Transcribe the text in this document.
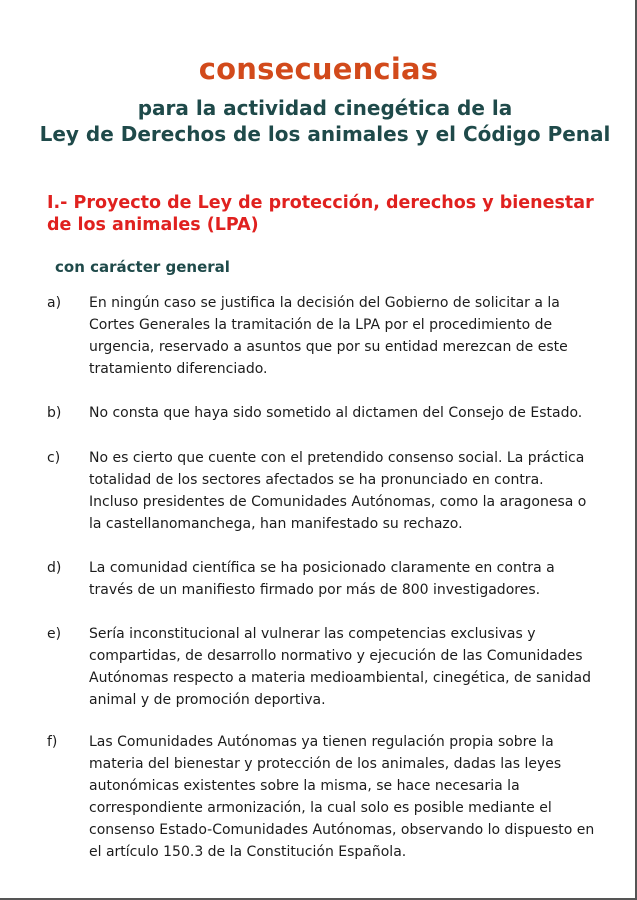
consecuencias
para la actividad cinegética de la
Ley de Derechos de los animales y el Código Penal
I.- Proyecto de Ley de protección, derechos y bienestar de los animales (LPA)
con carácter general
a)	En ningún caso se justifica la decisión del Gobierno de solicitar a la Cortes Generales la tramitación de la LPA por el procedimiento de urgencia, reservado a asuntos que por su entidad merezcan de este tratamiento diferenciado.
b)	No consta que haya sido sometido al dictamen del Consejo de Estado.
c)	No es cierto que cuente con el pretendido consenso social. La práctica totalidad de los sectores afectados se ha pronunciado en contra. Incluso presidentes de Comunidades Autónomas, como la aragonesa o la castellanomanchega, han manifestado su rechazo.
d)	La comunidad científica se ha posicionado claramente en contra a través de un manifiesto firmado por más de 800 investigadores.
e)	Sería inconstitucional al vulnerar las competencias exclusivas y compartidas, de desarrollo normativo y ejecución de las Comunidades Autónomas respecto a materia medioambiental, cinegética, de sanidad animal y de promoción deportiva.
f)	Las Comunidades Autónomas ya tienen regulación propia sobre la materia del bienestar y protección de los animales, dadas las leyes autonómicas existentes sobre la misma, se hace necesaria la correspondiente armonización, la cual solo es posible mediante el consenso Estado-Comunidades Autónomas, observando lo dispuesto en el artículo 150.3 de la Constitución Española.
